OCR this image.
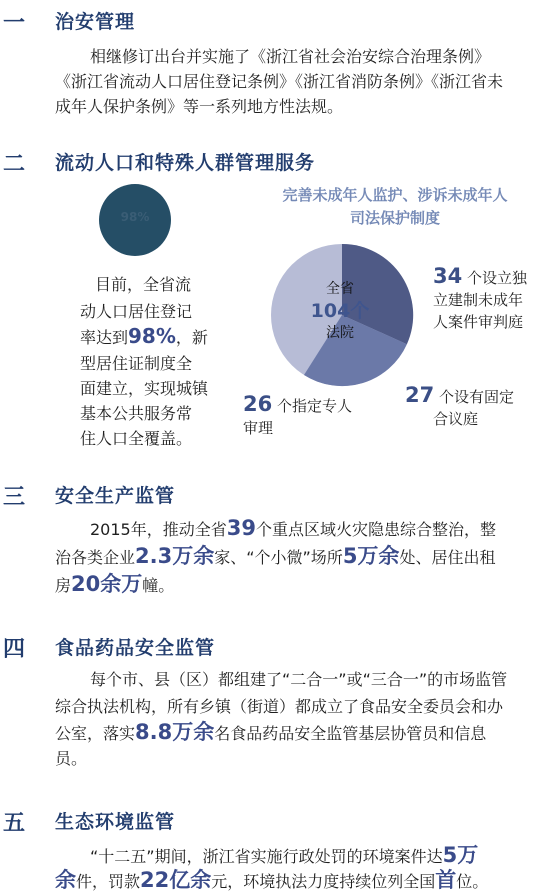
一 治安管理
相继修订出台并实施了《浙江省社会治安综合治理条例》
《浙江省流动人口居住登记条例》《浙江省消防条例》《浙江省未
成年人保护条例》等一系列地方性法规。
二 流动人口和特殊人群管理服务
98%
目前，全省流
动人口居住登记
率达到98%，新
型居住证制度全
面建立，实现城镇
基本公共服务常
住人口全覆盖。
完善未成年人监护、涉诉未成年人
司法保护制度
全省
104个
法院
34 个设立独
立建制未成年
人案件审判庭
27 个设有固定
合议庭
26 个指定专人
审理
三 安全生产监管
2015年，推动全省39个重点区域火灾隐患综合整治，整
治各类企业2.3万余家、“个小微”场所5万余处、居住出租
房20余万幢。
四 食品药品安全监管
每个市、县（区）都组建了“二合一”或“三合一”的市场监管
综合执法机构，所有乡镇（街道）都成立了食品安全委员会和办
公室，落实8.8万余名食品药品安全监管基层协管员和信息
员。
五 生态环境监管
“十二五”期间，浙江省实施行政处罚的环境案件达5万
余件，罚款22亿余元，环境执法力度持续位列全国首位。
